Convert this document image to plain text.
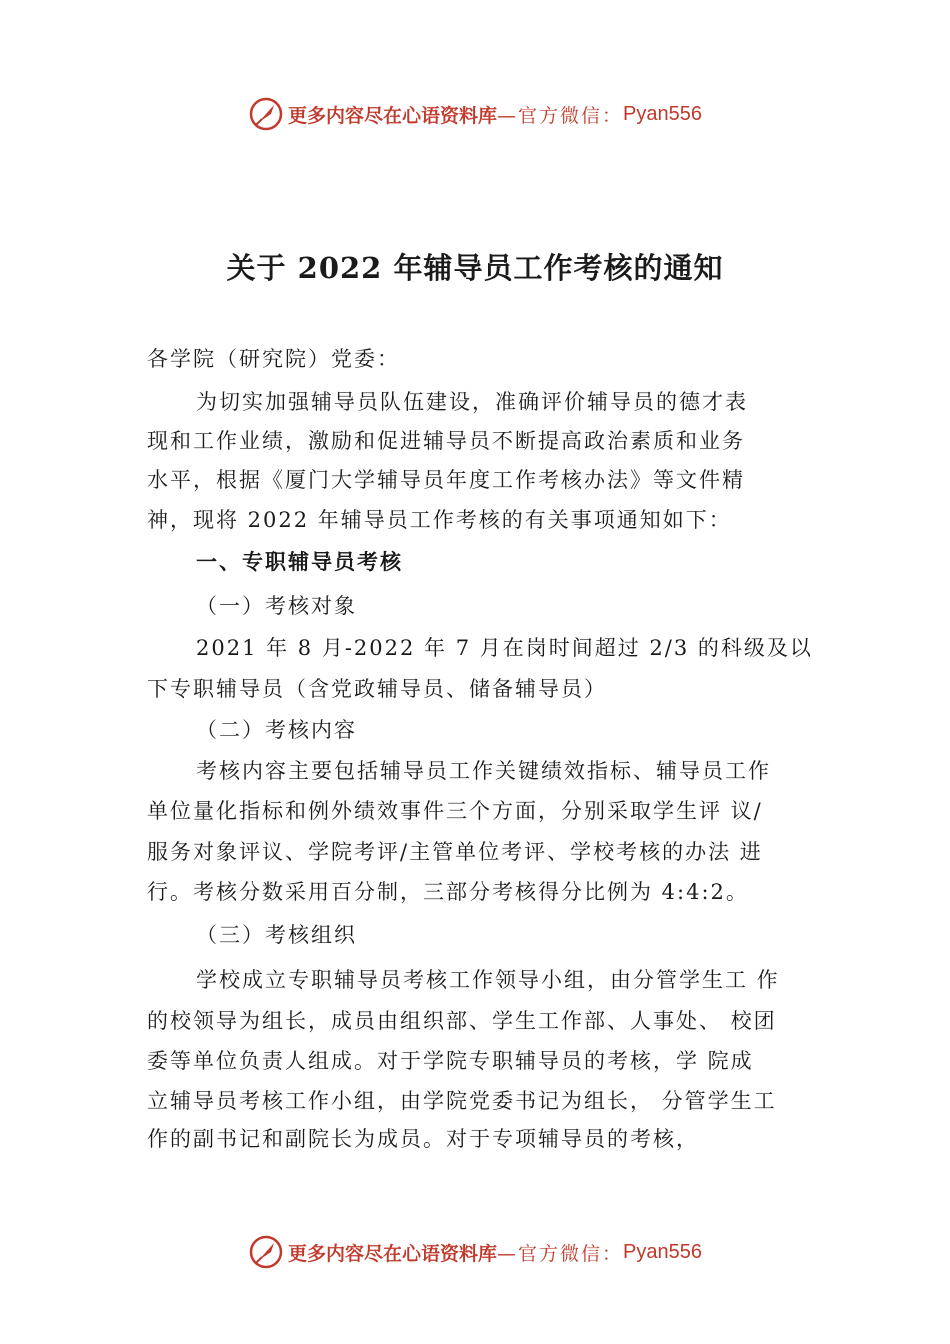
更多内容尽在心语资料库 —官方微信： Pyan556
关于 2022 年辅导员工作考核的通知
各学院（研究院）党委：
为切实加强辅导员队伍建设，准确评价辅导员的德才表
现和工作业绩，激励和促进辅导员不断提高政治素质和业务
水平，根据《厦门大学辅导员年度工作考核办法》等文件精
神，现将 2022 年辅导员工作考核的有关事项通知如下：
一、专职辅导员考核
（一）考核对象
2021 年 8 月-2022 年 7 月在岗时间超过 2/3 的科级及以
下专职辅导员（含党政辅导员、储备辅导员）
（二）考核内容
考核内容主要包括辅导员工作关键绩效指标、辅导员工作
单位量化指标和例外绩效事件三个方面，分别采取学生评 议/
服务对象评议、学院考评/主管单位考评、学校考核的办法 进
行。考核分数采用百分制，三部分考核得分比例为 4:4:2。
（三）考核组织
学校成立专职辅导员考核工作领导小组，由分管学生工 作
的校领导为组长，成员由组织部、学生工作部、人事处、 校团
委等单位负责人组成。对于学院专职辅导员的考核，学 院成
立辅导员考核工作小组，由学院党委书记为组长， 分管学生工
作的副书记和副院长为成员。对于专项辅导员的考核，
更多内容尽在心语资料库 —官方微信： Pyan556
